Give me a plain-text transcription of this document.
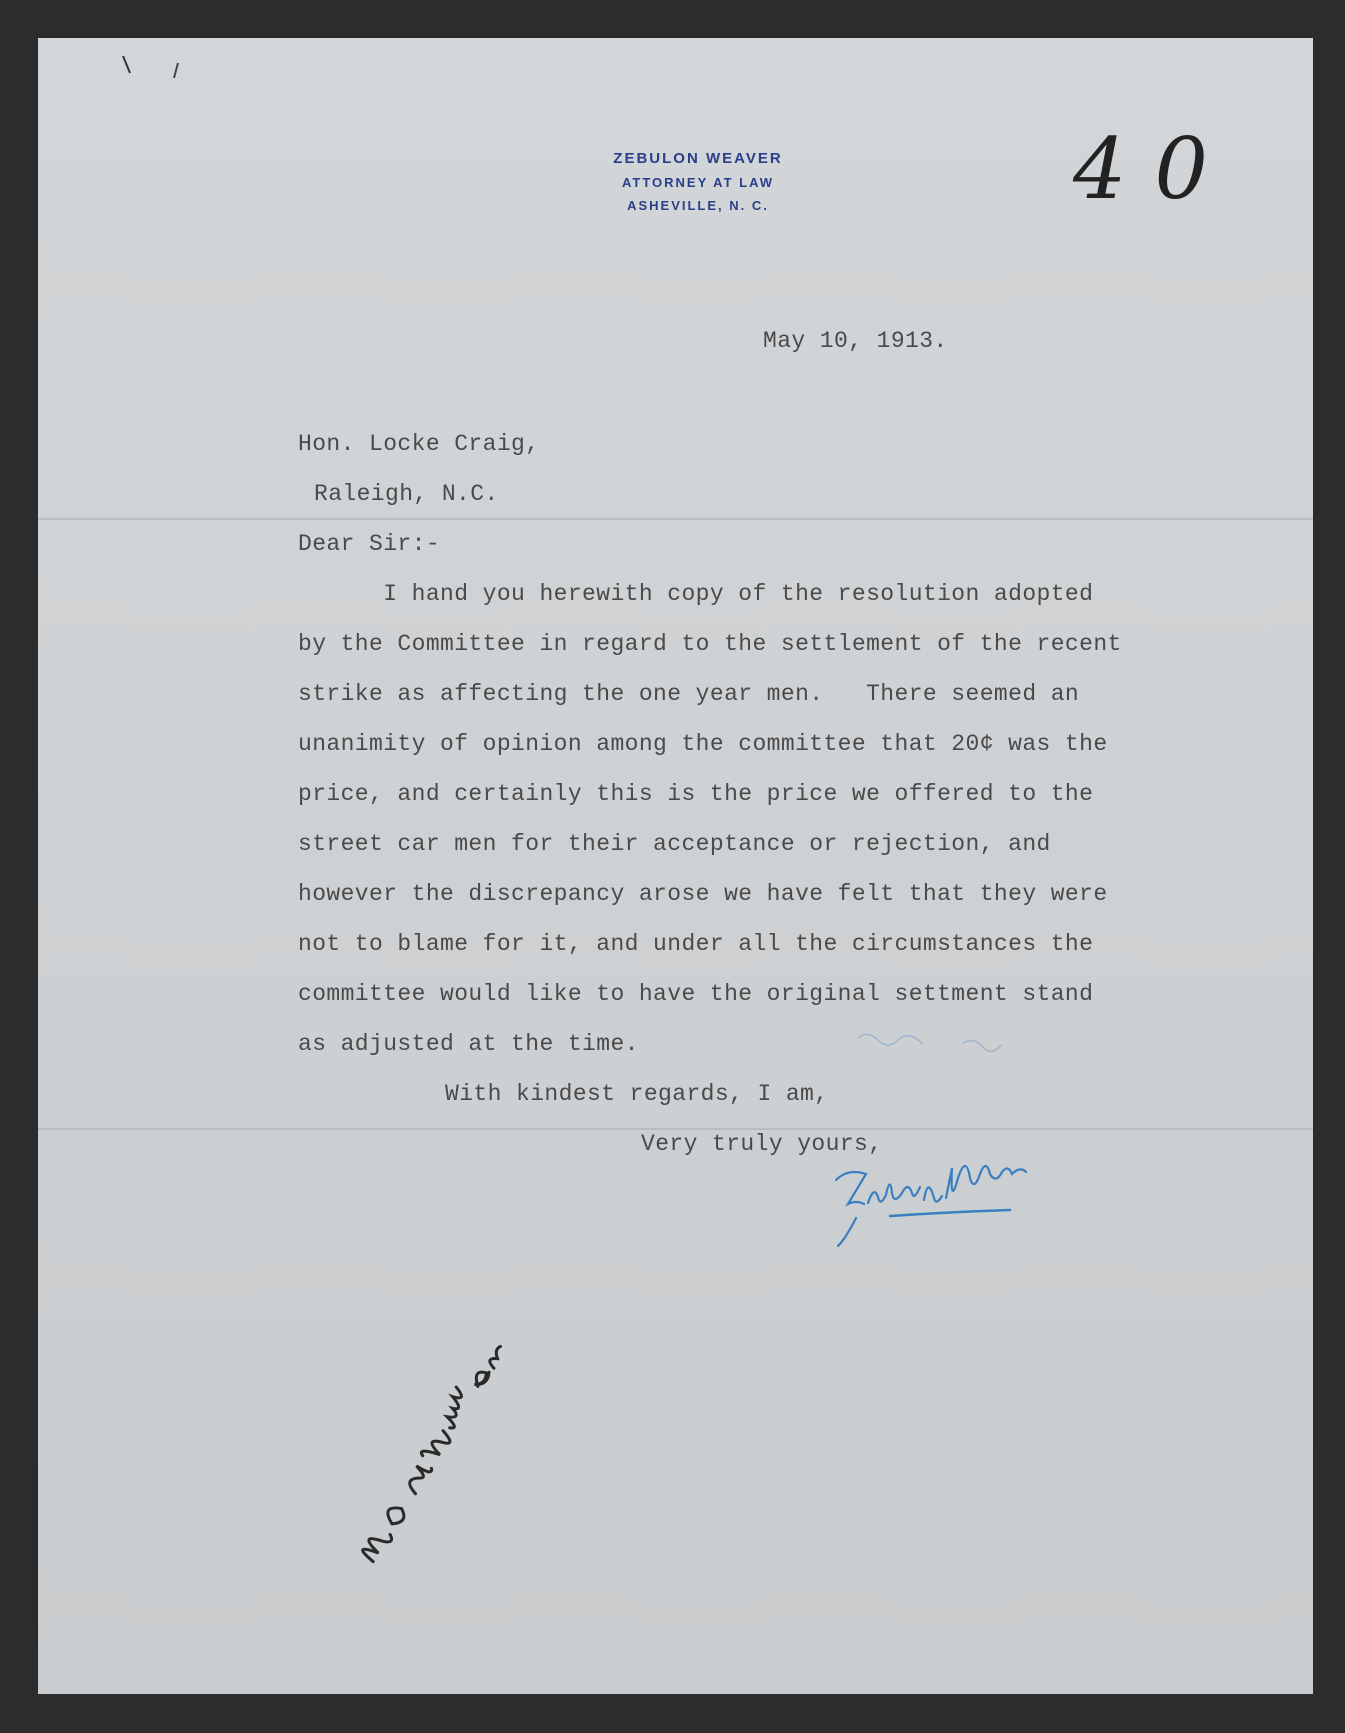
ZEBULON WEAVER
ATTORNEY AT LAW
ASHEVILLE, N. C.	40
May 10, 1913.
Hon. Locke Craig,
Raleigh, N.C.
Dear Sir:-
I hand you herewith copy of the resolution adopted
by the Committee in regard to the settlement of the recent
strike as affecting the one year men.   There seemed an
unanimity of opinion among the committee that 20¢ was the
price, and certainly this is the price we offered to the
street car men for their acceptance or rejection, and
however the discrepancy arose we have felt that they were
not to blame for it, and under all the circumstances the
committee would like to have the original settment stand
as adjusted at the time.
With kindest regards, I am,
Very truly yours,
